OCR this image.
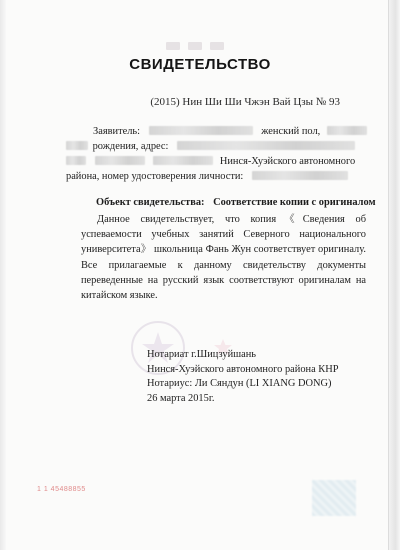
СВИДЕТЕЛЬСТВО
(2015) Нин Ши Ши Чжэн Вай Цзы № 93
Заявитель:	женский пол,
рождения, адрес:
Нинся-Хуэйского автономного
района, номер удостоверения личности:
Объект свидетельства: Соответствие копии с оригиналом
Данное свидетельствует, что копия《Сведения об успеваемости учебных занятий Северного национального университета》 школьница Фань Жун соответствует оригиналу. Все прилагаемые к данному свидетельству документы переведенные на русский язык соответствуют оригиналам на китайском языке.
Нотариат г.Шицзуйшань
Нинся-Хуэйского автономного района КНР
Нотариус: Ли Сяндун (LI XIANG DONG)
26 марта 2015г.
1 1 45488855
